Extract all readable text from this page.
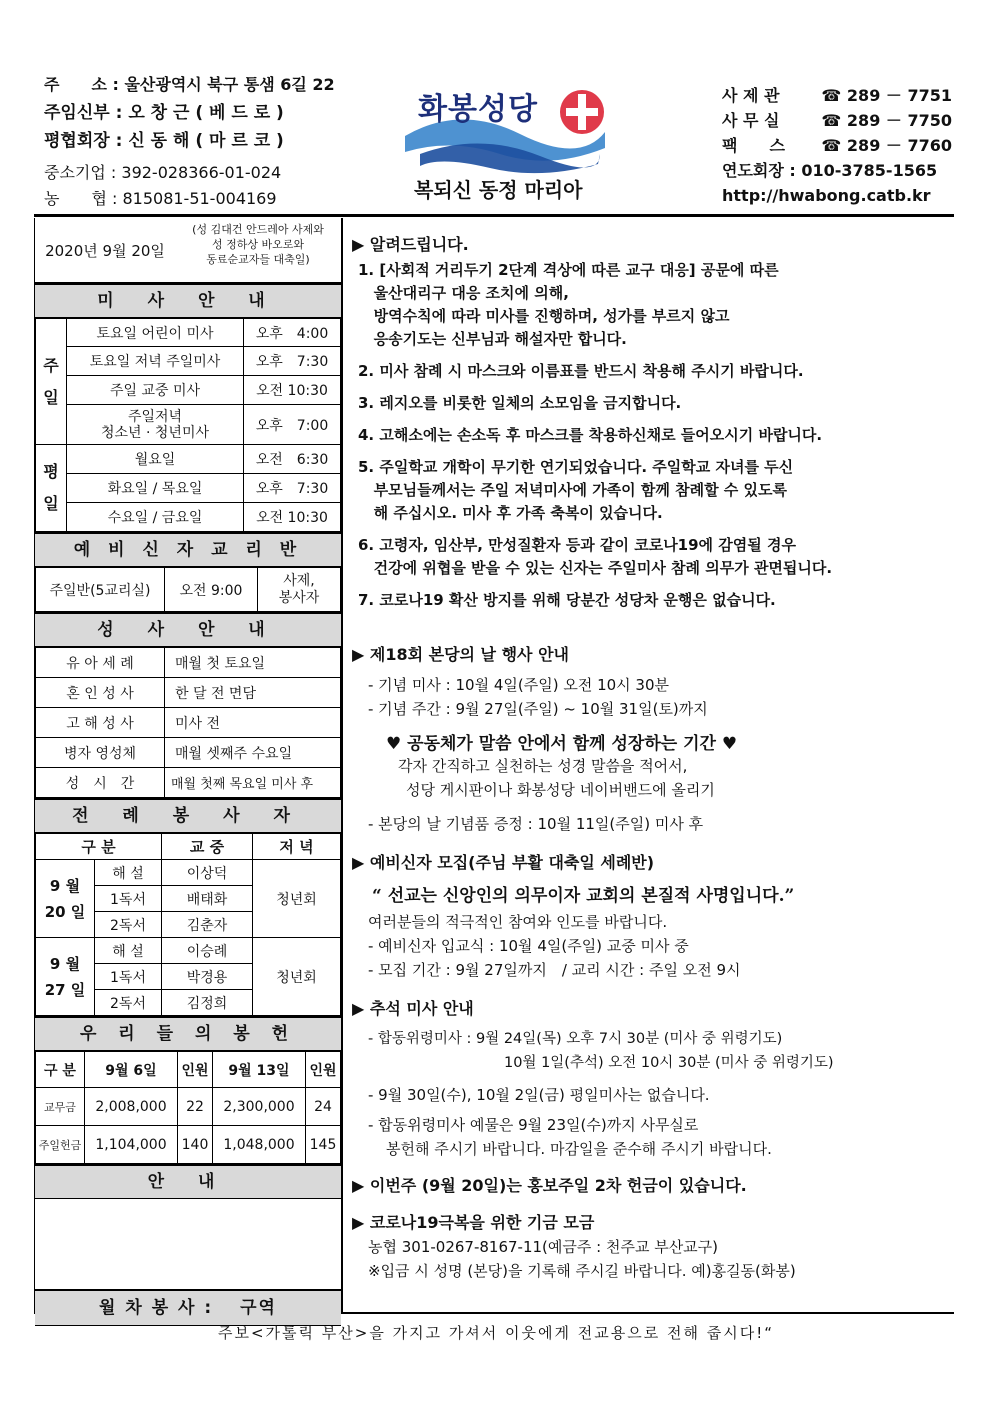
주　　소 : 울산광역시 북구 통샘 6길 22
주임신부 : 오 창 근 ( 베 드 로 )
평협회장 : 신 동 해 ( 마 르 코 )
중소기업 : 392-028366-01-024
농　　협 : 815081-51-004169
화봉성당
복되신 동정 마리아
사 제 관	☎ 289 － 7751
사 무 실	☎ 289 － 7750
팩　　스 ☎ 289 － 7760
연도회장 : 010-3785-1565
http://hwabong.catb.kr
2020년 9월 20일
(성 김대건 안드레아 사제와
성 정하상 바오로와
동료순교자들 대축일)
미 사 안 내
주
일	토요일 어린이 미사	오후　4:00
	토요일 저녁 주일미사	오후　7:30
	주일 교중 미사	오전 10:30
	주일저녁
청소년 · 청년미사	오후　7:00
평
일	월요일	오전　6:30
	화요일 / 목요일	오후　7:30
	수요일 / 금요일	오전 10:30
예 비 신 자 교 리 반
주일반(5교리실)	오전 9:00	사제,
봉사자
성 사 안 내
유 아 세 례	매월 첫 토요일
혼 인 성 사	한 달 전 면담
고 해 성 사	미사 전
병자 영성체	매월 셋째주 수요일
성　시　간	매월 첫째 목요일 미사 후
전 례 봉 사 자
구 분		교 중	저 녁
9 월
20 일	해 설	이상덕	청년회
	1독서	배태화	
	2독서	김춘자	
9 월
27 일	해 설	이승례	청년회
	1독서	박경용	
	2독서	김정희	
우 리 들 의 봉 헌
구 분	9월 6일	인원	9월 13일	인원
교무금	2,008,000	22	2,300,000	24
주일헌금	1,104,000	140	1,048,000	145
안 내
월 차 봉 사 :　 구역

▶ 알려드립니다.

1. [사회적 거리두기 2단계 격상에 따른 교구 대응] 공문에 따른
울산대리구 대응 조치에 의해,
방역수칙에 따라 미사를 진행하며, 성가를 부르지 않고
응송기도는 신부님과 해설자만 합니다.

2. 미사 참례 시 마스크와 이름표를 반드시 착용해 주시기 바랍니다.

3. 레지오를 비롯한 일체의 소모임을 금지합니다.

4. 고해소에는 손소독 후 마스크를 착용하신채로 들어오시기 바랍니다.

5. 주일학교 개학이 무기한 연기되었습니다. 주일학교 자녀를 두신
부모님들께서는 주일 저녁미사에 가족이 함께 참례할 수 있도록
해 주십시오. 미사 후 가족 축복이 있습니다.

6. 고령자, 임산부, 만성질환자 등과 같이 코로나19에 감염될 경우
건강에 위협을 받을 수 있는 신자는 주일미사 참례 의무가 관면됩니다.

7. 코로나19 확산 방지를 위해 당분간 성당차 운행은 없습니다.

▶ 제18회 본당의 날 행사 안내

- 기념 미사 : 10월 4일(주일) 오전 10시 30분

- 기념 주간 : 9월 27일(주일) ~ 10월 31일(토)까지

♥ 공동체가 말씀 안에서 함께 성장하는 기간 ♥

각자 간직하고 실천하는 성경 말씀을 적어서,

성당 게시판이나 화봉성당 네이버밴드에 올리기

- 본당의 날 기념품 증정 : 10월 11일(주일) 미사 후

▶ 예비신자 모집(주님 부활 대축일 세례반)

“ 선교는 신앙인의 의무이자 교회의 본질적 사명입니다.”

여러분들의 적극적인 참여와 인도를 바랍니다.

- 예비신자 입교식 : 10월 4일(주일) 교중 미사 중

- 모집 기간 : 9월 27일까지　/ 교리 시간 : 주일 오전 9시

▶ 추석 미사 안내

- 합동위령미사 : 9월 24일(목) 오후 7시 30분 (미사 중 위령기도)

10월 1일(추석) 오전 10시 30분 (미사 중 위령기도)

- 9월 30일(수), 10월 2일(금) 평일미사는 없습니다.

- 합동위령미사 예물은 9월 23일(수)까지 사무실로

봉헌해 주시기 바랍니다. 마감일을 준수해 주시기 바랍니다.

▶ 이번주 (9월 20일)는 홍보주일 2차 헌금이 있습니다.

▶ 코로나19극복을 위한 기금 모금

농협 301-0267-8167-11(예금주 : 천주교 부산교구)

※입금 시 성명 (본당)을 기록해 주시길 바랍니다. 예)홍길동(화봉)

주보<가톨릭 부산>을 가지고 가셔서 이웃에게 전교용으로 전해 줍시다!“
